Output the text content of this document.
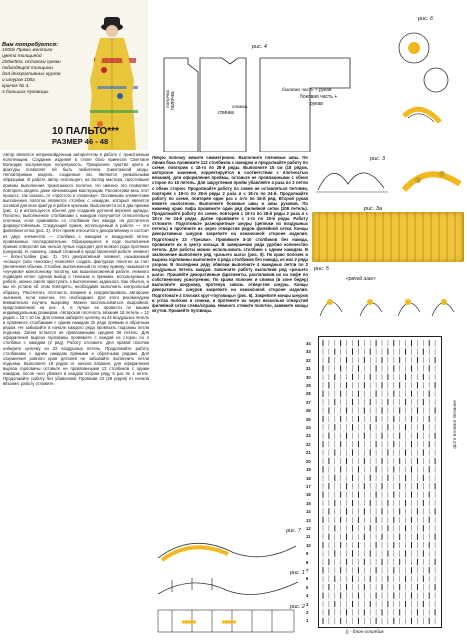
Вам потребуется:
1000г Пряжи желтого
цвета толщиной
200м/50г, остатки пряжи
подходящей толщины
для декоративных кругов
и шнуров 100г,
крючок № 4,
4 больших пуговицы.
10 ПАЛЬТО***
РАЗМЕР 46 - 48
Автор является непревзойденным авторитетом в работе с трикотажным полотнищем. Создание изделий в стиле бохо принесли Светлане Волкодав заслуженную популярность. Прекрасное чувство цвета и фактуры позволяет ей быть любителем трикотажной моды. Неповторимые модели, созданные ею, являются уникальными образцами. В работе автор использует, на взгляд мастера, простейшие приемы выполнения трикотажного полотна. Но именно это позволяет повторить модель даже начинающим мастерицам. Рассмотрим весь этот процесс, так сказать, от «простого к сложному». Основными элементами выполнения полотна являются столбик с накидом, который является основой для всех фактур в работе крючком. Выполняется он в два приема (рис. 1) и используется обычно для создания деталей верхней одежды. Полотно, выполненное столбиками с накидом получается относительно плотным, если сравнивать со столбиком без накида, но достаточно формоустойчивым. Следующий прием, используемый в работе — это филейная сетка (рис. 2). Этот прием относится к декоративному и состоит из двух элементов — столбика с накидом и воздушной петли, провязанных последовательно. Образующиеся в ходе выполнения приема отверстия как нельзя лучше подходят для всякого рода протяжек (шнурков). И, наконец, самый сложный в представленной работе элемент — блок-столбик (рис. 3). Это декоративный элемент, называемый «кольцо» (или «кнопка») позволяет создать фактурное полотно за счет увеличения объема. Столбик, выполненный по этому приему, называется «кучумом» монотонному полотну, как вышеизложенной работе. Немного подведем итоги: сделав вывод о техниках и приемах, используемых в работе, можно смело приступать к выполнению заданного. Как обычно, и мы не устаем об этом повторять, необходимо выполнить контрольный образец. Рассчитать плотность вязания и скорректировать авторские значения, если конечно, это необходимо. Для этого рекомендуем внимательно изучить выкройку. Можно воспользоваться выкройкой, представленной на рис. 4, и лучше ее провести по вашим индивидуальным размерам. Авторская плотность вязания 18 петель = 12 рядов = 10 × 10 см. Для спинки наберите цепочку из 44 воздушных петель и провяжите столбиками с одним накидом 32 ряда прямым и обратным рядом. Не забывайте в начале каждого ряда провязать подъемы петли подъема. Затем остается не провязанными средние 36 петель. Для оформления выреза горловины провяжите с каждой из сторон по 4 столбика с накидом (2 ряд). Работу отложите. Для правой полочки наберите цепочку из 22 воздушных петель. Продолжайте работу столбиками с одним накидом прямыми и обратными рядами. Для сохранения ровного края деталей не забывайте выполнить петли подъема. Выполните 18 рядов от начала вязания, для оформления выреза горловины оставьте не провязанными 13 столбиков с одним накидом, после чего убавьте в каждом втором ряду 5 раз по 1 петле. Продолжайте работу без убавлений. Провязав 22 (28 рядов) от начала вязания, работу отложите.
полочка
спинка
боковая часть +
рукав
рис. 4
спинка
боковая часть + рукав
полочка
рис. 6
Левую полочку вяжите симметрично. Выполните плечевые швы. По линии бока провяжите 113 столбиков с накидом и продолжайте работу по схеме, повторив с 18-го по 28-й ряды. Выполните 15 см (18 рядов, авторское значение, корректируется в соответствии с плотностью вязания), для оформления проймы, оставьте не провязанными с обеих сторон по 15 петель. Для закругления пройм убавляйте 4 раза по 2 петли с обеих сторон. Продолжайте работу по схеме не оставляться петлями, повторяя с 18-го по 28-й ряды 2 раза и с 18-го по 24-й. Продолжайте работу по схеме, повторяя один раз с 4-го по 18-й ряд. Второй рукав вяжите аналогично. Выполните боковые швы и швы рукавов. По нижнему краю лифа провяжите один ряд филейной сетки (208 петель). Продолжайте работу по схеме, повторяя с 19-го по 28-й ряды 2 раза и с 18-го по 24-й ряды. Далее провяжите с 1-го по 18-й ряды. Работу отложите. Подготовьте разноцветные шнуры (цепочки из воздушных петель) и протяните их через отверстия рядов филейной сетки. Концы декоративных шнуров закрепите на изнаночной стороне изделия. Подготовьте 23 «Трешки». Провяжите 8-10 столбиков без накида, провяжите их в центр кольца. В завершении ряда удобно количество петель. Для работы можно использовать столбики с одним накидом. В заключение выполните ряд «рачьего шага» (рис. 5). По краю полочек и выреза горловины выполните 4 ряда столбиков без накида, из них 2 ряда узором. В последнем ряду обвязки выполните 4 накидных петли по 2 воздушных петель каждая. Закончите работу выполнив ряд «рачьего шага». Пришейте декоративные фрагменты, расположив их на лифе по собственному усмотрению. По краям полочек и спинки (в зоне бедер) выполните шнуровку, протянув сквозь отверстия шнуры. Концы декоративных шнуров закрепите на изнаночной стороне изделия. Подготовьте 4 плоских круг-«пуговицы» (рис. 6). Закрепите концы шнуров в углах полочек и спинки, и протяните их через несколько отверстий филейной сетки слева/справа. Немного стяните полотно, завяжите концы жгутов. Пришейте пуговицы.
рис. 3
рис. 3а
рис. 5
«рачий шаг»
34
33
32
31
30
29
28
27
26
25
24
23
22
21
20
19
18
17
16
15
14
13
12
11
10
9
8
7
6
5
4
3
2
1
|| - блок-столбик
фото Блокнот Вязание
рис. 7
рис. 1
рис. 2
